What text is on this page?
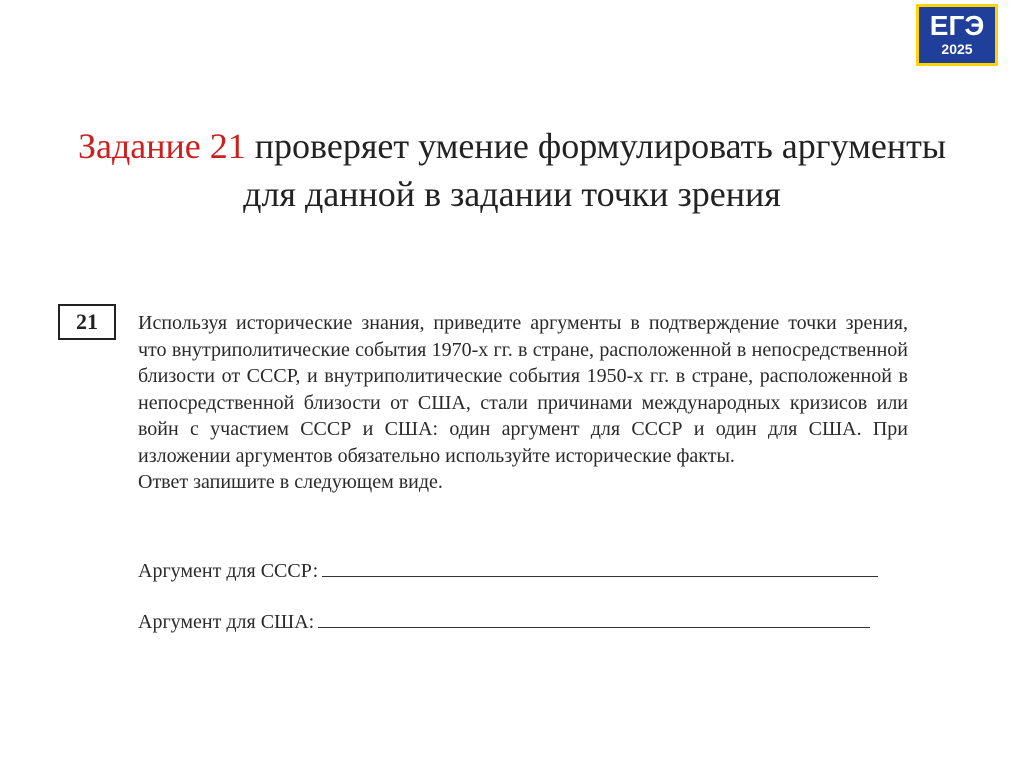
ЕГЭ
2025
Задание 21 проверяет умение формулировать аргументы для данной в задании точки зрения
21	Используя исторические знания, приведите аргументы в подтверждение точки зрения, что внутриполитические события 1970-х гг. в стране, расположенной в непосредственной близости от СССР, и внутриполитические события 1950-х гг. в стране, расположенной в непосредственной близости от США, стали причинами международных кризисов или войн с участием СССР и США: один аргумент для СССР и один для США. При изложении аргументов обязательно используйте исторические факты.

Ответ запишите в следующем виде.

Аргумент для СССР:
Аргумент для США:
